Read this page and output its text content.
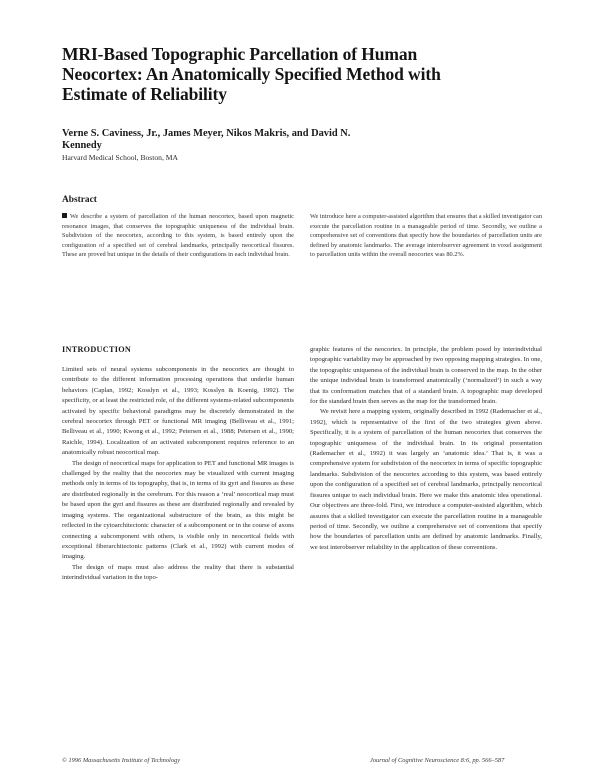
MRI-Based Topographic Parcellation of Human Neocortex: An Anatomically Specified Method with Estimate of Reliability

Verne S. Caviness, Jr., James Meyer, Nikos Makris, and David N. Kennedy

Harvard Medical School, Boston, MA

Abstract

We describe a system of parcellation of the human neocortex, based upon magnetic resonance images, that conserves the topographic uniqueness of the individual brain. Subdivision of the neocortex, according to this system, is based entirely upon the configuration of a specified set of cerebral landmarks, principally neocortical fissures. These are proved but unique in the details of their configurations in each individual brain.
We introduce here a computer-assisted algorithm that ensures that a skilled investigator can execute the parcellation routine in a manageable period of time. Secondly, we outline a comprehensive set of conventions that specify how the boundaries of parcellation units are defined by anatomic landmarks. The average interobserver agreement in voxel assignment to parcellation units within the overall neocortex was 80.2%.

INTRODUCTION

Limited sets of neural systems subcomponents in the neocortex are thought to contribute to the different information processing operations that underlie human behaviors (Caplan, 1992; Kosslyn et al., 1993; Kosslyn & Koenig, 1992). The specificity, or at least the restricted role, of the different systems-related subcomponents activated by specific behavioral paradigms may be discretely demonstrated in the cerebral neocortex through PET or functional MR imaging (Belliveau et al., 1991; Belliveau et al., 1990; Kwong et al., 1992; Petersen et al., 1988; Petersen et al., 1990; Raichle, 1994). Localization of an activated subcomponent requires reference to an anatomically robust neocortical map.

The design of neocortical maps for application to PET and functional MR images is challenged by the reality that the neocortex may be visualized with current imaging methods only in terms of its topography, that is, in terms of its gyri and fissures as these are distributed regionally in the cerebrum. For this reason a ‘real’ neocortical map must be based upon the gyri and fissures as these are distributed regionally and revealed by imaging systems. The organizational substructure of the brain, as this might be reflected in the cytoarchitectonic character of a subcomponent or in the course of axons connecting a subcomponent with others, is visible only in neocortical fields with exceptional fiberarchitectonic patterns (Clark et al., 1992) with current modes of imaging.

The design of maps must also address the reality that there is substantial interindividual variation in the topo-

graphic features of the neocortex. In principle, the problem posed by interindividual topographic variability may be approached by two opposing mapping strategies. In one, the topographic uniqueness of the individual brain is conserved in the map. In the other the unique individual brain is transformed anatomically (‘normalized’) in such a way that its conformation matches that of a standard brain. A topographic map developed for the standard brain then serves as the map for the transformed brain.

We revisit here a mapping system, originally described in 1992 (Rademacher et al., 1992), which is representative of the first of the two strategies given above. Specifically, it is a system of parcellation of the human neocortex that conserves the topographic uniqueness of the individual brain. In its original presentation (Rademacher et al., 1992) it was largely an ‘anatomic idea.’ That is, it was a comprehensive system for subdivision of the neocortex in terms of specific topographic landmarks. Subdivision of the neocortex according to this system, was based entirely upon the configuration of a specified set of cerebral landmarks, principally neocortical fissures unique to each individual brain. Here we make this anatomic idea operational. Our objectives are three-fold. First, we introduce a computer-assisted algorithm, which assures that a skilled investigator can execute the parcellation routine in a manageable period of time. Secondly, we outline a comprehensive set of conventions that specify how the boundaries of parcellation units are defined by anatomic landmarks. Finally, we test interobserver reliability in the application of these conventions.

© 1996 Massachusetts Institute of Technology	Journal of Cognitive Neuroscience 8:6, pp. 566–587
